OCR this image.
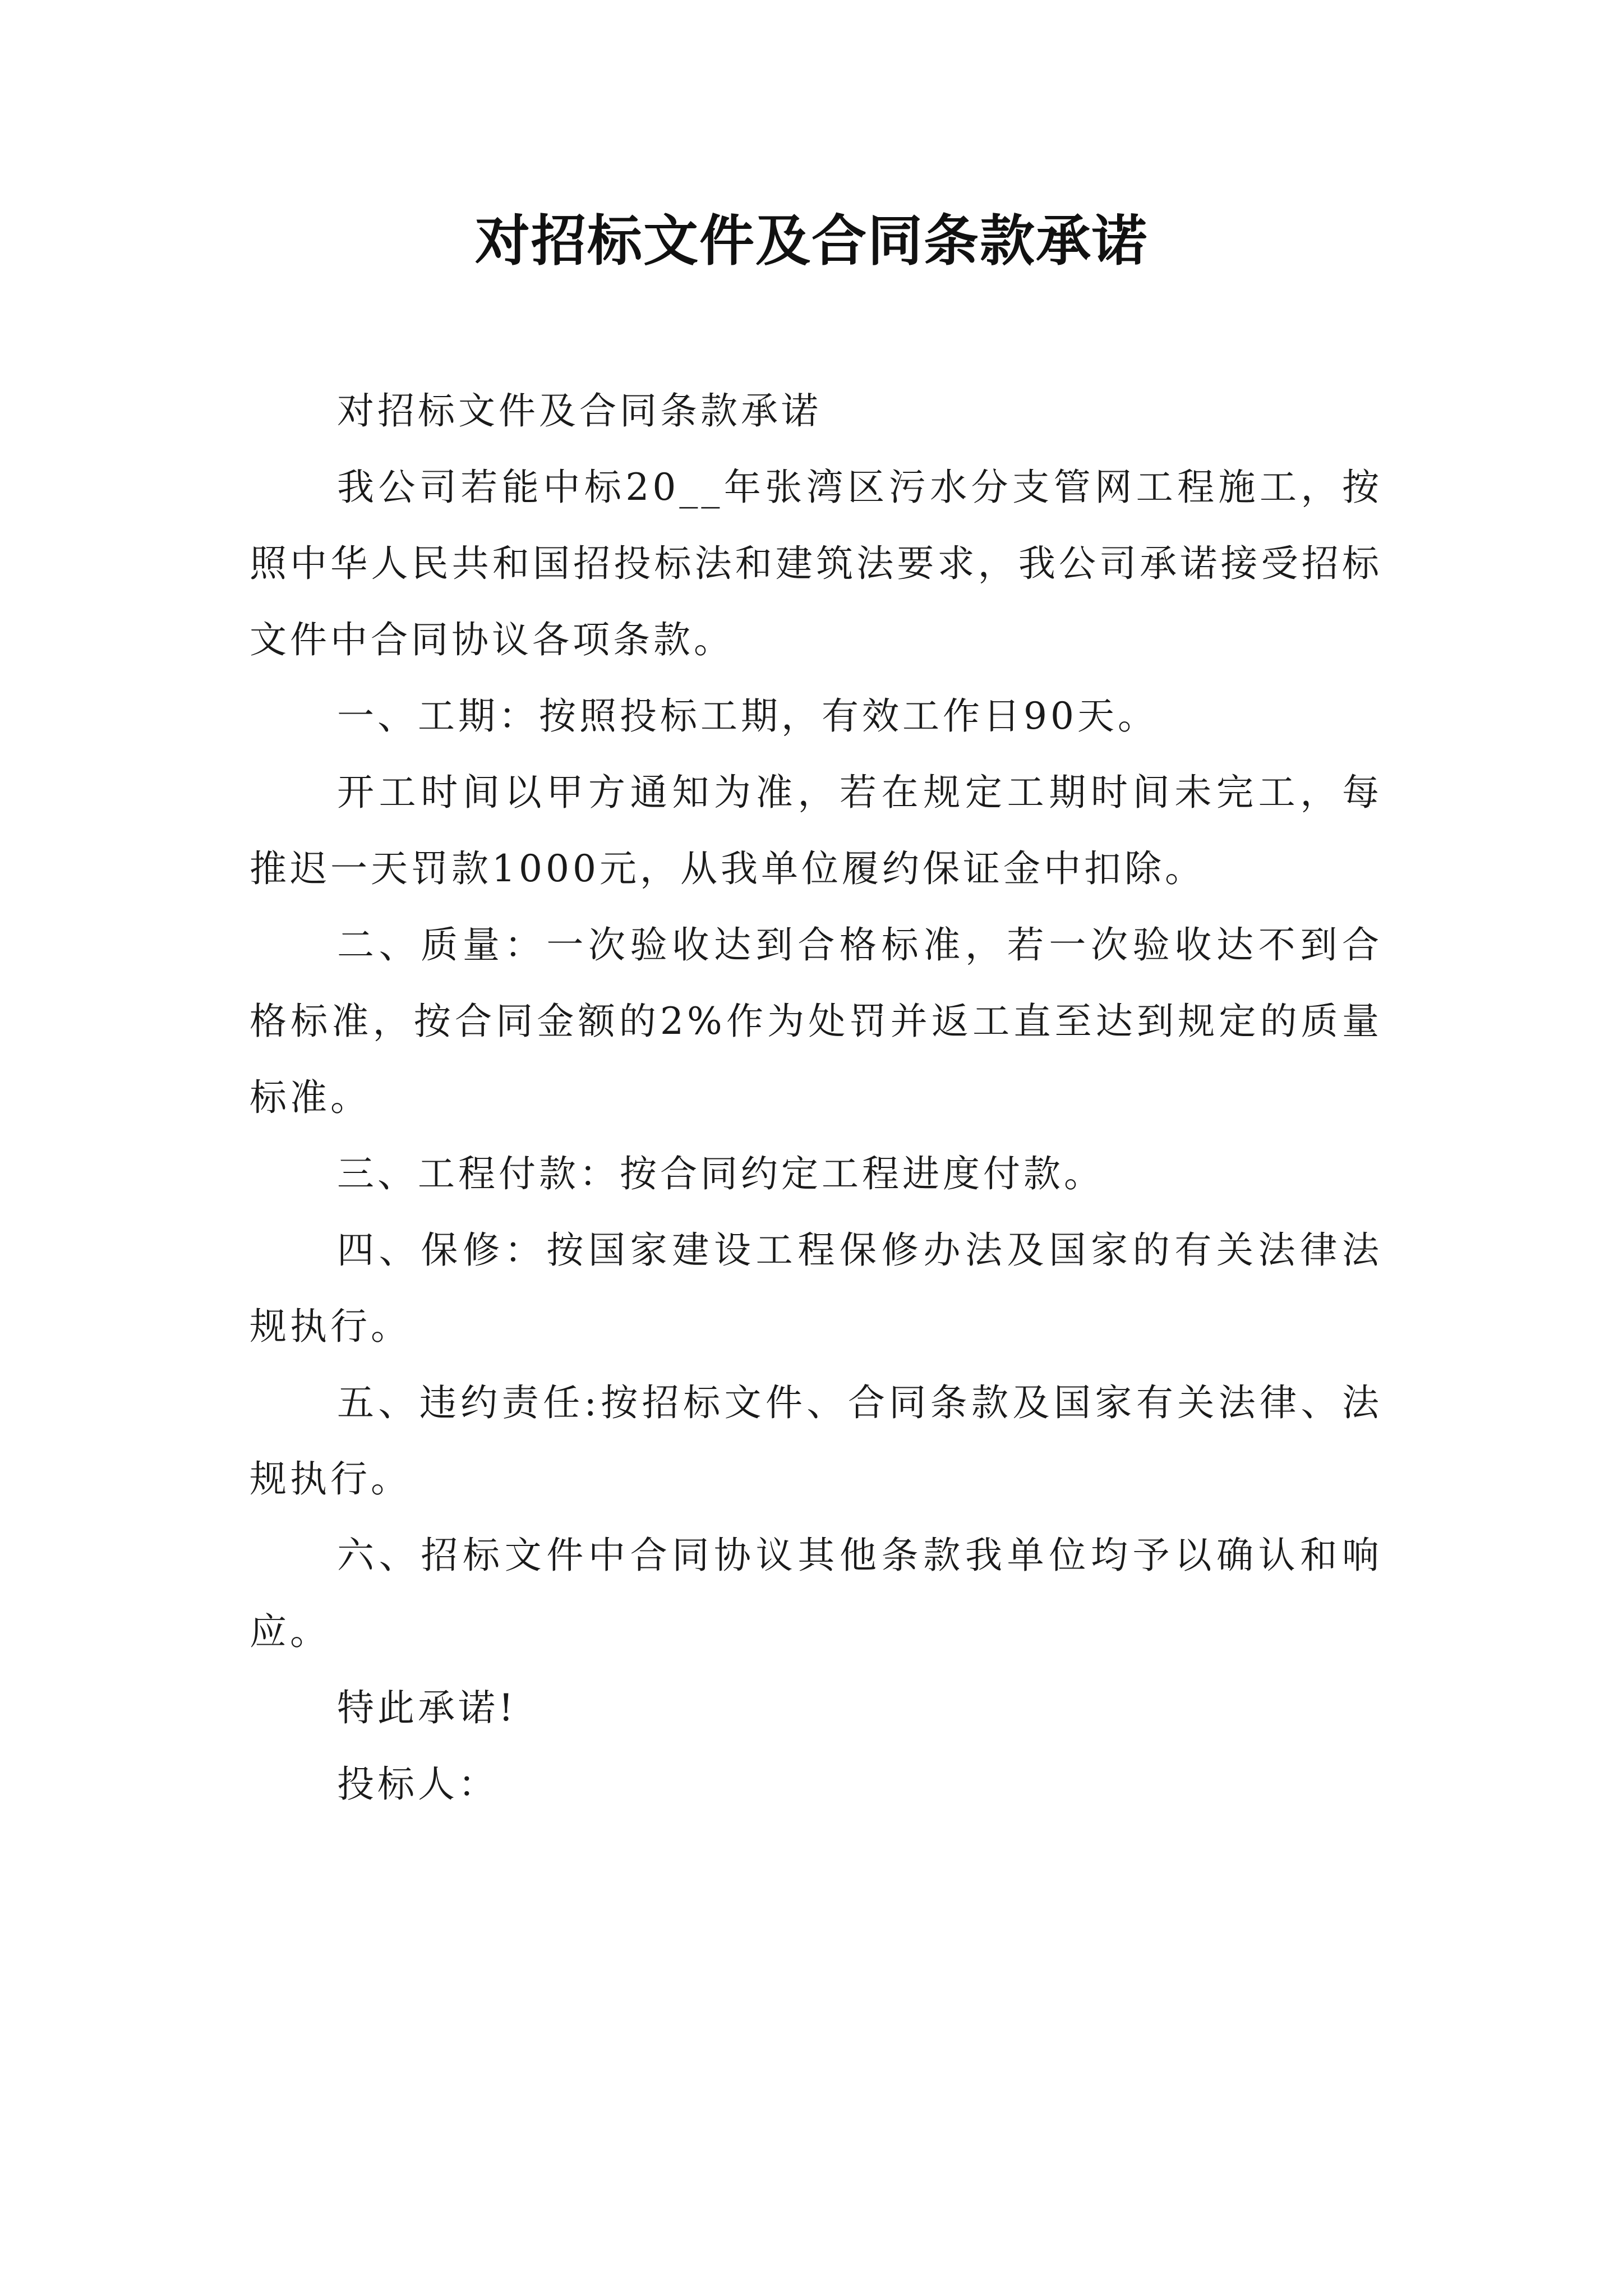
对招标文件及合同条款承诺

对招标文件及合同条款承诺

我公司若能中标20__年张湾区污水分支管网工程施工，按照中华人民共和国招投标法和建筑法要求，我公司承诺接受招标文件中合同协议各项条款。

一、工期：按照投标工期，有效工作日90天。

开工时间以甲方通知为准，若在规定工期时间未完工，每推迟一天罚款1000元，从我单位履约保证金中扣除。

二、质量：一次验收达到合格标准，若一次验收达不到合格标准，按合同金额的2%作为处罚并返工直至达到规定的质量标准。

三、工程付款：按合同约定工程进度付款。

四、保修：按国家建设工程保修办法及国家的有关法律法规执行。

五、违约责任:按招标文件、合同条款及国家有关法律、法规执行。

六、招标文件中合同协议其他条款我单位均予以确认和响应。

特此承诺!

投标人：
